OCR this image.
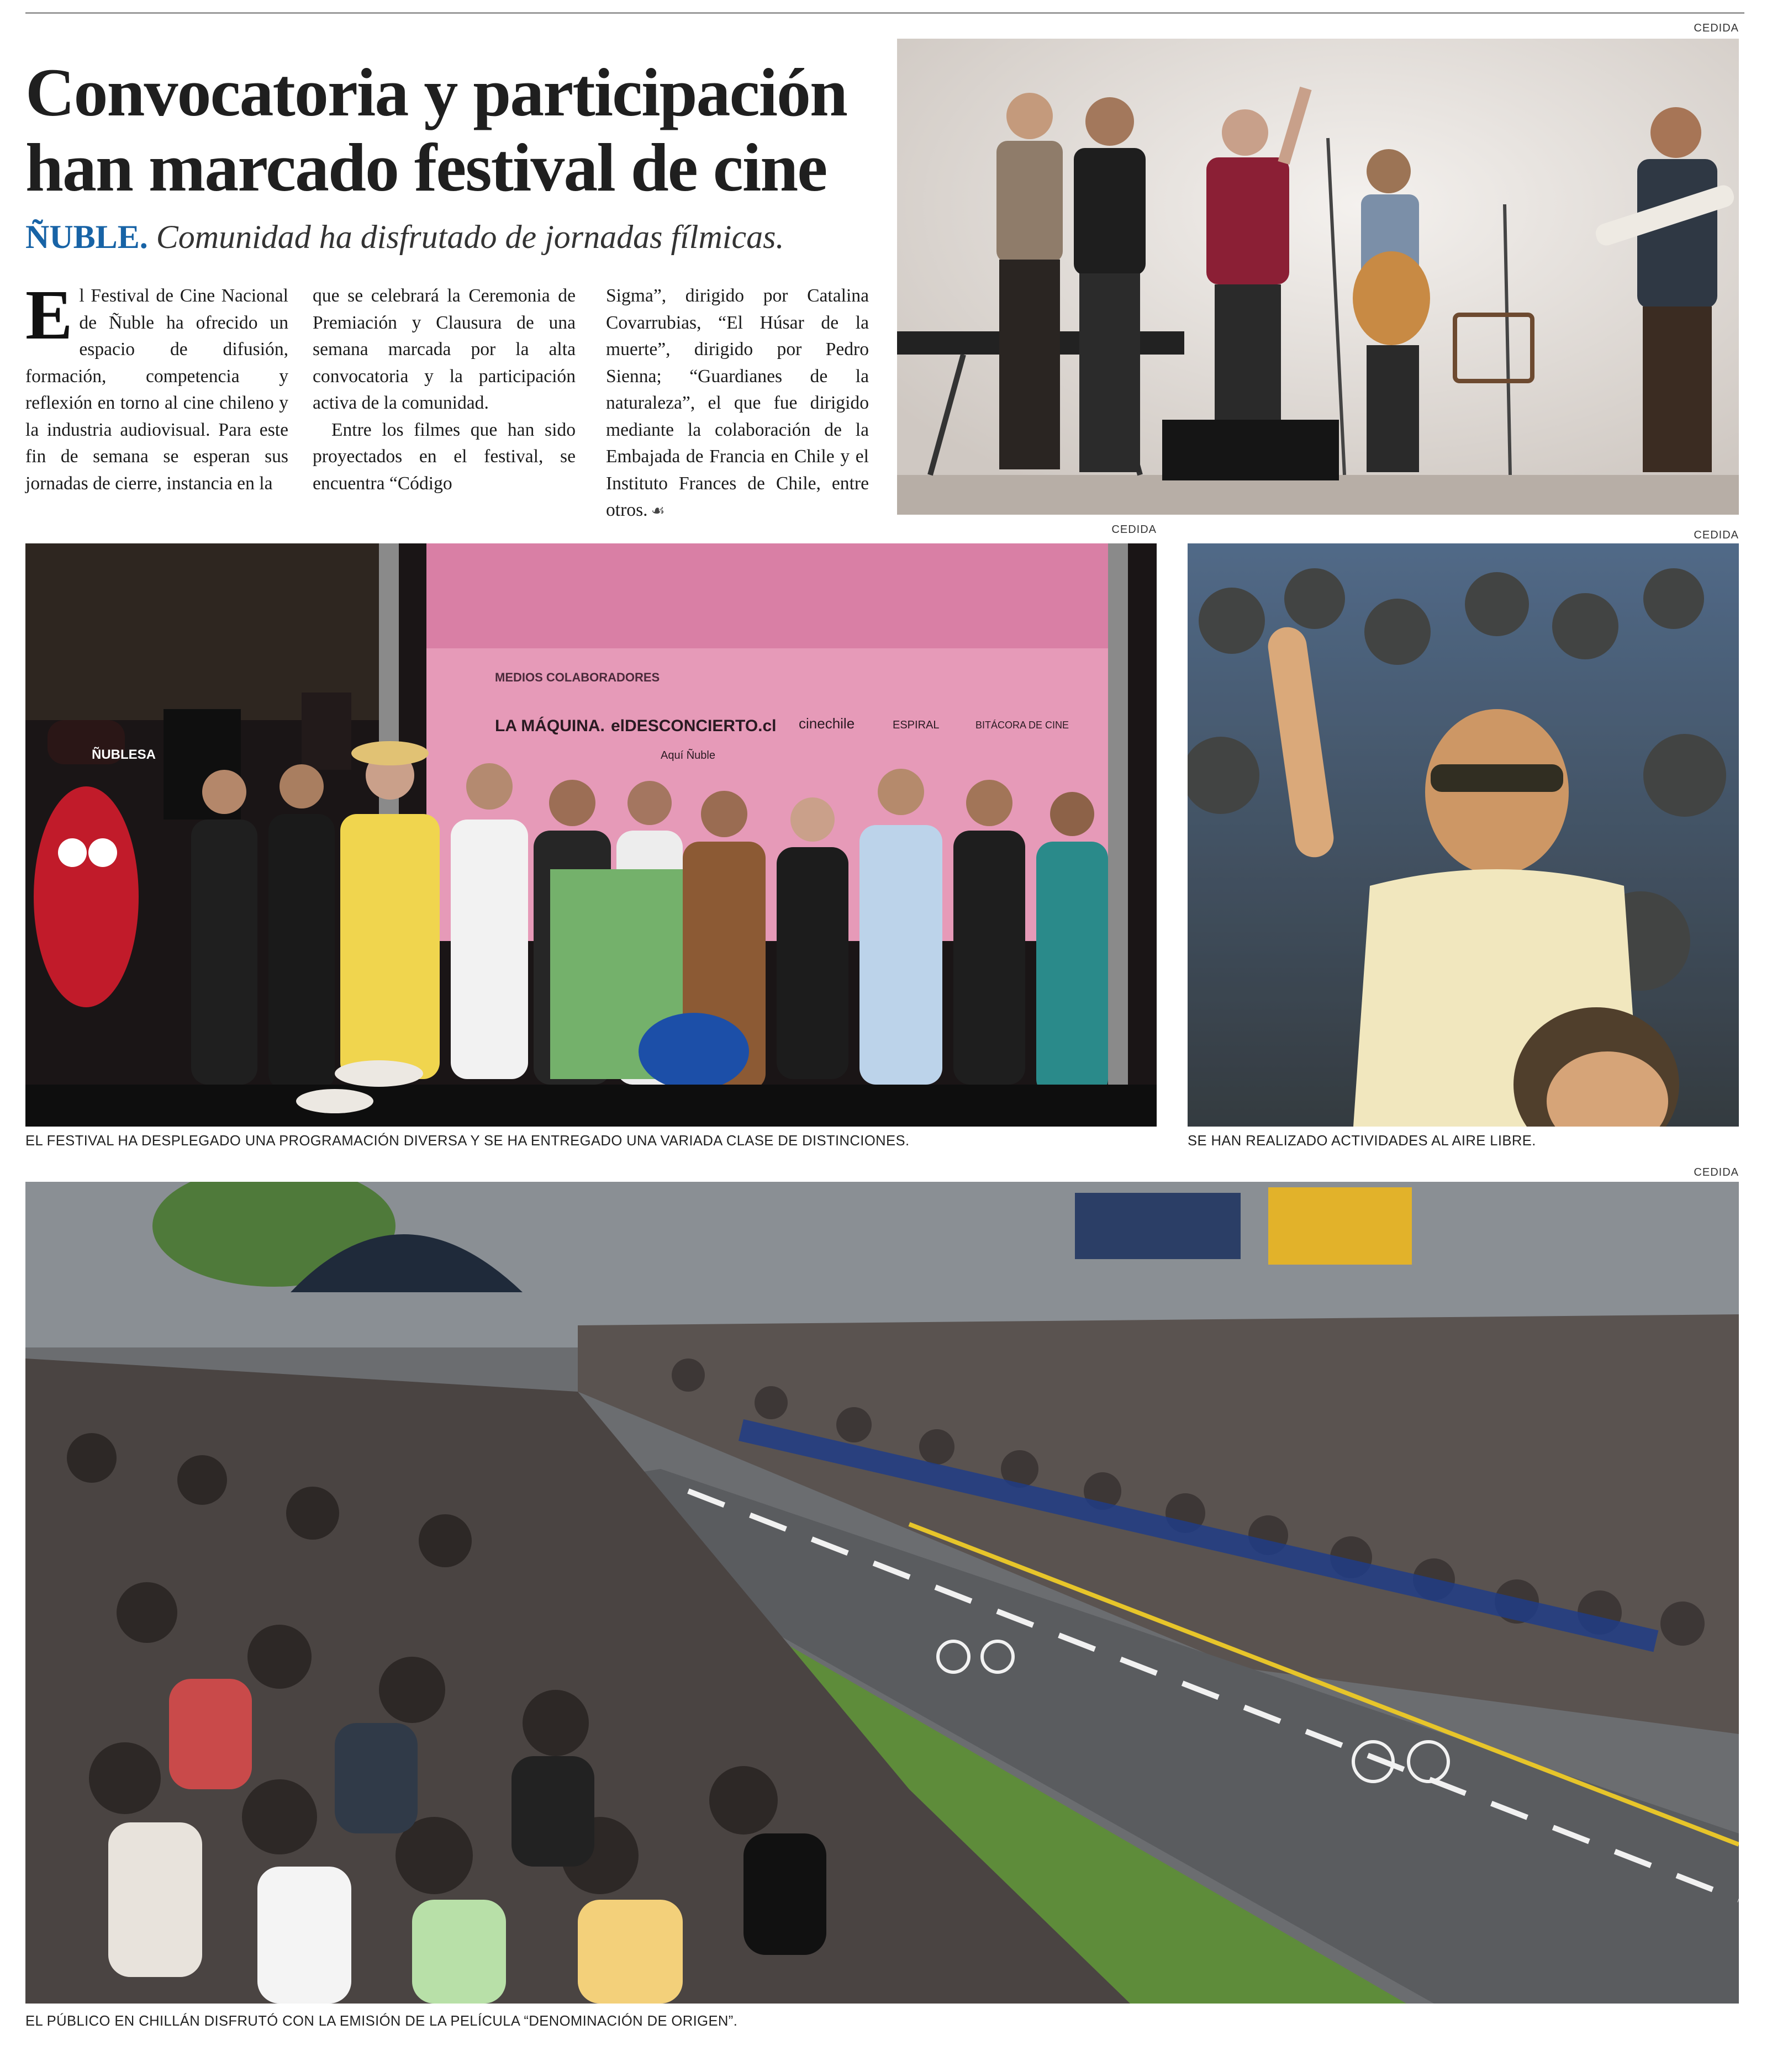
Convocatoria y participación
han marcado festival de cine
ÑUBLE. Comunidad ha disfrutado de jornadas fílmicas.

El Festival de Cine Nacional de Ñuble ha ofrecido un espacio de difusión, formación, competencia y reflexión en torno al cine chileno y la industria audiovisual. Para este fin de semana se esperan sus jornadas de cierre, instancia en la

que se celebrará la Ceremonia de Premiación y Clausura de una semana marcada por la alta convocatoria y la participación activa de la comunidad.

Entre los filmes que han sido proyectados en el festival, se encuentra “Código

Sigma”, dirigido por Catalina Covarrubias, “El Húsar de la muerte”, dirigido por Pedro Sienna; “Guardianes de la naturaleza”, el que fue dirigido mediante la colaboración de la Embajada de Francia en Chile y el Instituto Frances de Chile, entre otros. ☙

CEDIDA
CEDIDA	CEDIDA
CEDIDA
MEDIOS COLABORADORES
LA MÁQUINA. elDESCONCIERTO.cl cinechile	ESPIRAL	BITÁCORA DE CINE
Aquí Ñuble
ÑUBLESA
EL FESTIVAL HA DESPLEGADO UNA PROGRAMACIÓN DIVERSA Y SE HA ENTREGADO UNA VARIADA CLASE DE DISTINCIONES.	SE HAN REALIZADO ACTIVIDADES AL AIRE LIBRE.
EL PÚBLICO EN CHILLÁN DISFRUTÓ CON LA EMISIÓN DE LA PELÍCULA “DENOMINACIÓN DE ORIGEN”.
